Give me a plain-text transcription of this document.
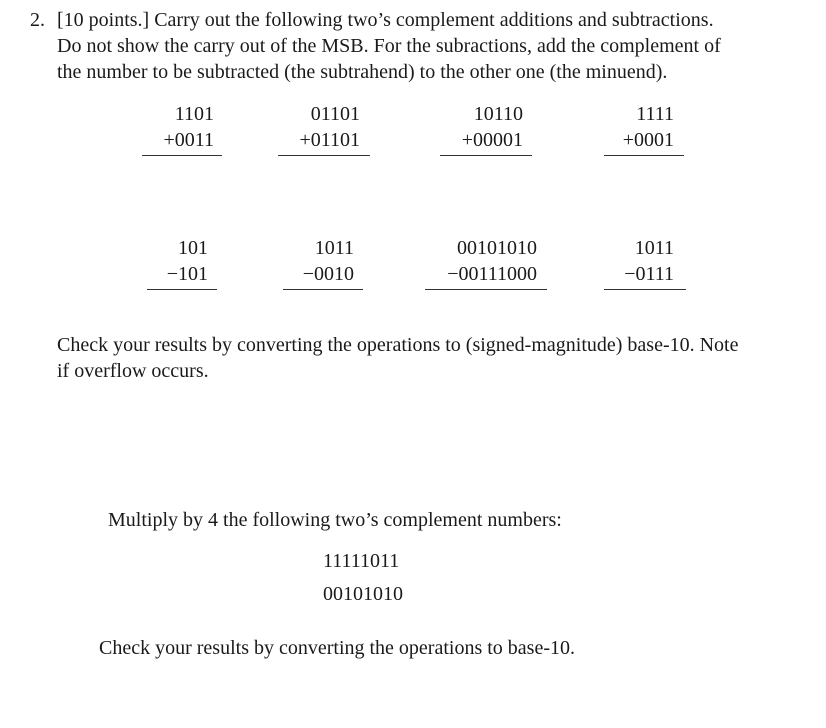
2. [10 points.] Carry out the following two’s complement additions and subtractions.
Do not show the carry out of the MSB. For the subractions, add the complement of
the number to be subtracted (the subtrahend) to the other one (the minuend).
1101
+0011
01101
+01101
10110
+00001
1111
+0001
101
−101
1011
−0010
00101010
−00111000
1011
−0111
Check your results by converting the operations to (signed-magnitude) base-10. Note
if overflow occurs.
Multiply by 4 the following two’s complement numbers:
11111011
00101010
Check your results by converting the operations to base-10.
